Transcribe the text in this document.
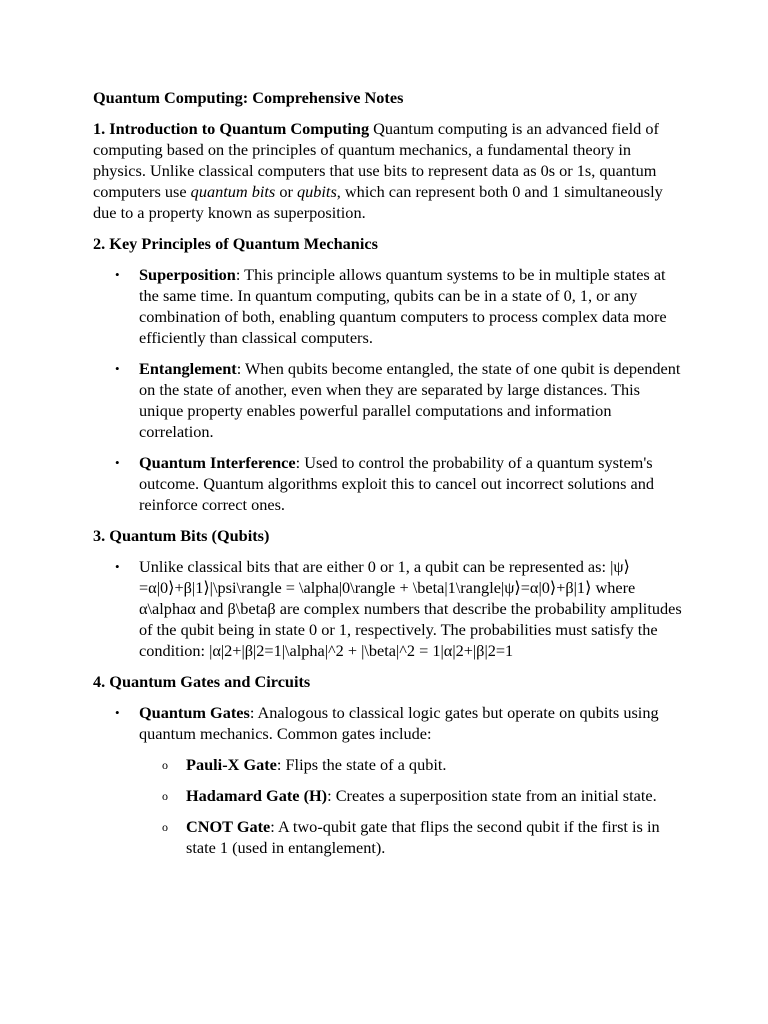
Quantum Computing: Comprehensive Notes

1. Introduction to Quantum Computing Quantum computing is an advanced field of computing based on the principles of quantum mechanics, a fundamental theory in physics. Unlike classical computers that use bits to represent data as 0s or 1s, quantum computers use quantum bits or qubits, which can represent both 0 and 1 simultaneously due to a property known as superposition.

2. Key Principles of Quantum Mechanics

• Superposition: This principle allows quantum systems to be in multiple states at the same time. In quantum computing, qubits can be in a state of 0, 1, or any combination of both, enabling quantum computers to process complex data more efficiently than classical computers.
• Entanglement: When qubits become entangled, the state of one qubit is dependent on the state of another, even when they are separated by large distances. This unique property enables powerful parallel computations and information correlation.
• Quantum Interference: Used to control the probability of a quantum system's outcome. Quantum algorithms exploit this to cancel out incorrect solutions and reinforce correct ones.

3. Quantum Bits (Qubits)

• Unlike classical bits that are either 0 or 1, a qubit can be represented as: |ψ⟩=α|0⟩+β|1⟩|\psi\rangle = \alpha|0\rangle + \beta|1\rangle|ψ⟩=α|0⟩+β|1⟩ where α\alphaα and β\betaβ are complex numbers that describe the probability amplitudes of the qubit being in state 0 or 1, respectively. The probabilities must satisfy the condition: |α|2+|β|2=1|\alpha|^2 + |\beta|^2 = 1|α|2+|β|2=1

4. Quantum Gates and Circuits

• Quantum Gates: Analogous to classical logic gates but operate on qubits using quantum mechanics. Common gates include:
o Pauli-X Gate: Flips the state of a qubit.
o Hadamard Gate (H): Creates a superposition state from an initial state.
o CNOT Gate: A two-qubit gate that flips the second qubit if the first is in state 1 (used in entanglement).
